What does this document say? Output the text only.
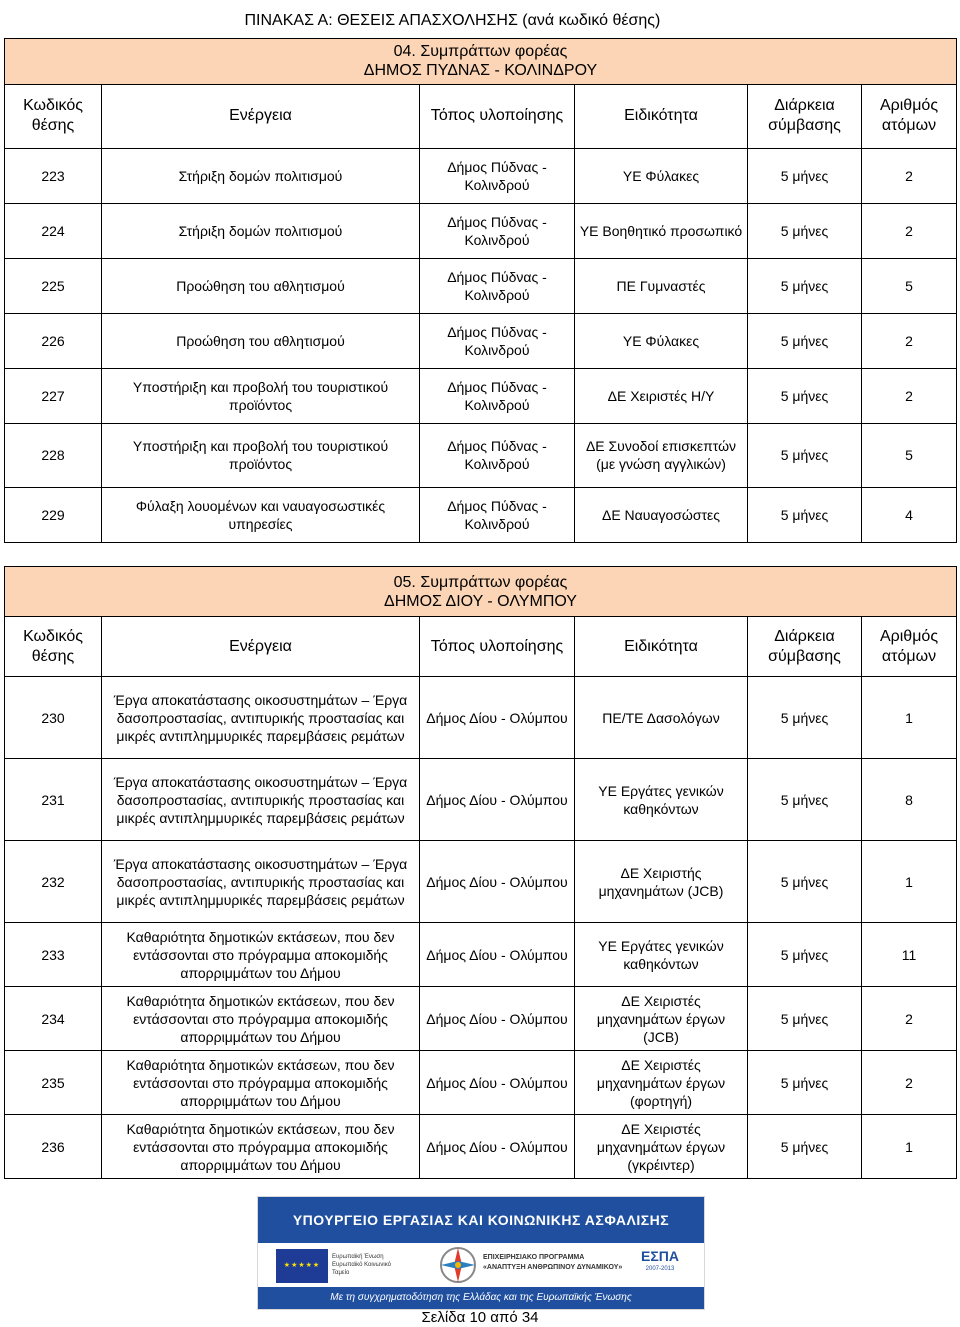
ΠΙΝΑΚΑΣ Α: ΘΕΣΕΙΣ ΑΠΑΣΧΟΛΗΣΗΣ (ανά κωδικό θέσης)					

04. Συμπράττων φορέας
ΔΗΜΟΣ ΠΥΔΝΑΣ - ΚΟΛΙΝΔΡΟΥ					

Κωδικός θέσης	Ενέργεια	Τόπος υλοποίησης	Ειδικότητα	Διάρκεια σύμβασης	Αριθμός ατόμων
223	Στήριξη δομών πολιτισμού	Δήμος Πύδνας - Κολινδρού	ΥΕ Φύλακες	5 μήνες	2
224	Στήριξη δομών πολιτισμού	Δήμος Πύδνας - Κολινδρού	ΥΕ Βοηθητικό προσωπικό	5 μήνες	2
225	Προώθηση του αθλητισμού	Δήμος Πύδνας - Κολινδρού	ΠΕ Γυμναστές	5 μήνες	5
226	Προώθηση του αθλητισμού	Δήμος Πύδνας - Κολινδρού	ΥΕ Φύλακες	5 μήνες	2
227	Υποστήριξη και προβολή του τουριστικού προϊόντος	Δήμος Πύδνας - Κολινδρού	ΔΕ Χειριστές Η/Υ	5 μήνες	2
228	Υποστήριξη και προβολή του τουριστικού προϊόντος	Δήμος Πύδνας - Κολινδρού	ΔΕ Συνοδοί επισκεπτών (με γνώση αγγλικών)	5 μήνες	5
229	Φύλαξη λουομένων και ναυαγοσωστικές υπηρεσίες	Δήμος Πύδνας - Κολινδρού	ΔΕ Ναυαγοσώστες	5 μήνες	4
05. Συμπράττων φορέας
ΔΗΜΟΣ ΔΙΟΥ - ΟΛΥΜΠΟΥ					

Κωδικός θέσης	Ενέργεια	Τόπος υλοποίησης	Ειδικότητα	Διάρκεια σύμβασης	Αριθμός ατόμων
230	Έργα αποκατάστασης οικοσυστημάτων – Έργα δασοπροστασίας, αντιπυρικής προστασίας και μικρές αντιπλημμυρικές παρεμβάσεις ρεμάτων	Δήμος Δίου - Ολύμπου	ΠΕ/ΤΕ Δασολόγων	5 μήνες	1
231	Έργα αποκατάστασης οικοσυστημάτων – Έργα δασοπροστασίας, αντιπυρικής προστασίας και μικρές αντιπλημμυρικές παρεμβάσεις ρεμάτων	Δήμος Δίου - Ολύμπου	ΥΕ Εργάτες γενικών καθηκόντων	5 μήνες	8
232	Έργα αποκατάστασης οικοσυστημάτων – Έργα δασοπροστασίας, αντιπυρικής προστασίας και μικρές αντιπλημμυρικές παρεμβάσεις ρεμάτων	Δήμος Δίου - Ολύμπου	ΔΕ Χειριστής μηχανημάτων (JCB)	5 μήνες	1
233	Καθαριότητα δημοτικών εκτάσεων, που δεν εντάσσονται στο πρόγραμμα αποκομιδής απορριμμάτων του Δήμου	Δήμος Δίου - Ολύμπου	ΥΕ Εργάτες γενικών καθηκόντων	5 μήνες	11
234	Καθαριότητα δημοτικών εκτάσεων, που δεν εντάσσονται στο πρόγραμμα αποκομιδής απορριμμάτων του Δήμου	Δήμος Δίου - Ολύμπου	ΔΕ Χειριστές μηχανημάτων έργων (JCB)	5 μήνες	2
235	Καθαριότητα δημοτικών εκτάσεων, που δεν εντάσσονται στο πρόγραμμα αποκομιδής απορριμμάτων του Δήμου	Δήμος Δίου - Ολύμπου	ΔΕ Χειριστές μηχανημάτων έργων (φορτηγή)	5 μήνες	2
236	Καθαριότητα δημοτικών εκτάσεων, που δεν εντάσσονται στο πρόγραμμα αποκομιδής απορριμμάτων του Δήμου	Δήμος Δίου - Ολύμπου	ΔΕ Χειριστές μηχανημάτων έργων (γκρέιντερ)	5 μήνες	1
ΥΠΟΥΡΓΕΙΟ ΕΡΓΑΣΙΑΣ ΚΑΙ ΚΟΙΝΩΝΙΚΗΣ ΑΣΦΑΛΙΣΗΣ
★★★★★
Ευρωπαϊκή Ένωση Ευρωπαϊκό Κοινωνικό Ταμείο
ΕΠΙΧΕΙΡΗΣΙΑΚΟ ΠΡΟΓΡΑΜΜΑ «ΑΝΑΠΤΥΞΗ ΑΝΘΡΩΠΙΝΟΥ ΔΥΝΑΜΙΚΟΥ»
ΕΣΠΑ
2007-2013
Με τη συγχρηματοδότηση της Ελλάδας και της Ευρωπαϊκής Ένωσης
Σελίδα 10 από 34
